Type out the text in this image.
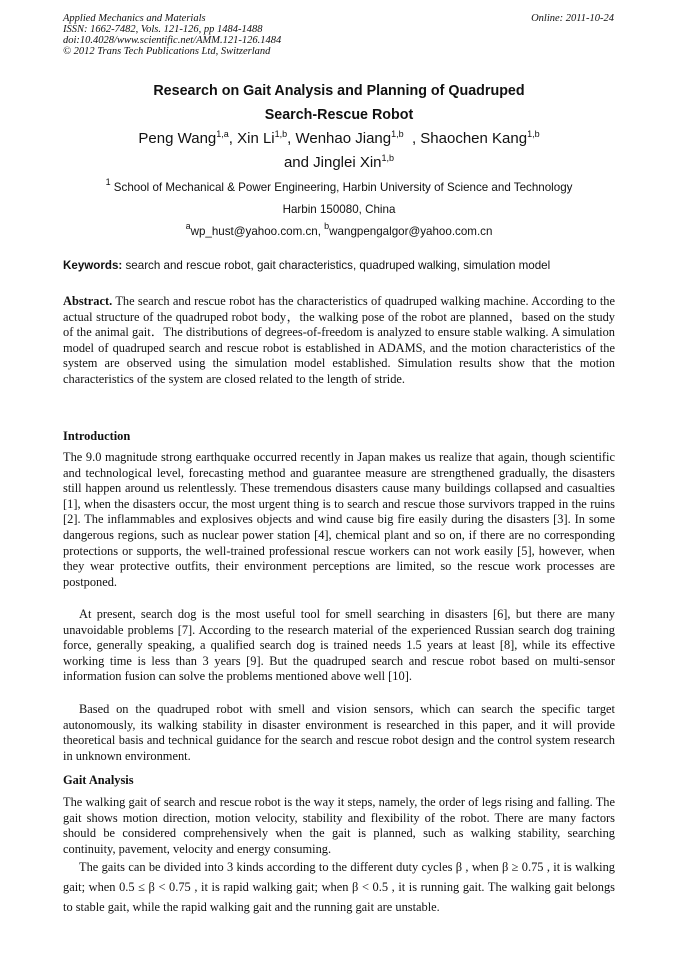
Applied Mechanics and Materials
ISSN: 1662-7482, Vols. 121-126, pp 1484-1488
doi:10.4028/www.scientific.net/AMM.121-126.1484
© 2012 Trans Tech Publications Ltd, Switzerland
Online: 2011-10-24
Research on Gait Analysis and Planning of Quadruped
Search-Rescue Robot
Peng Wang$^{1,a}$, Xin Li$^{1,b}$, Wenhao Jiang$^{1,b}$  , Shaochen Kang$^{1,b}$
and Jinglei Xin$^{1,b}$
$^1$ School of Mechanical & Power Engineering, Harbin University of Science and Technology
Harbin 150080, China
$^a$wp_hust@yahoo.com.cn, $^b$wangpengalgor@yahoo.com.cn
Keywords: search and rescue robot, gait characteristics, quadruped walking, simulation model
Abstract. The search and rescue robot has the characteristics of quadruped walking machine. According to the actual structure of the quadruped robot body，the walking pose of the robot are planned，based on the study of the animal gait．The distributions of degrees-of-freedom is analyzed to ensure stable walking. A simulation model of quadruped search and rescue robot is established in ADAMS, and the motion characteristics of the system are observed using the simulation model established. Simulation results show that the motion characteristics of the system are closed related to the length of stride.
Introduction
The 9.0 magnitude strong earthquake occurred recently in Japan makes us realize that again, though scientific and technological level, forecasting method and guarantee measure are strengthened gradually, the disasters still happen around us relentlessly. These tremendous disasters cause many buildings collapsed and casualties [1], when the disasters occur, the most urgent thing is to search and rescue those survivors trapped in the ruins [2]. The inflammables and explosives objects and wind cause big fire easily during the disasters [3]. In some dangerous regions, such as nuclear power station [4], chemical plant and so on, if there are no corresponding protections or supports, the well-trained professional rescue workers can not work easily [5], however, when they wear protective outfits, their environment perceptions are limited, so the rescue work processes are postponed.
At present, search dog is the most useful tool for smell searching in disasters [6], but there are many unavoidable problems [7]. According to the research material of the experienced Russian search dog training force, generally speaking, a qualified search dog is trained needs 1.5 years at least [8], while its effective working time is less than 3 years [9]. But the quadruped search and rescue robot based on multi-sensor information fusion can solve the problems mentioned above well [10].
Based on the quadruped robot with smell and vision sensors, which can search the specific target autonomously, its walking stability in disaster environment is researched in this paper, and it will provide theoretical basis and technical guidance for the search and rescue robot design and the control system research in unknown environment.
Gait Analysis
The walking gait of search and rescue robot is the way it steps, namely, the order of legs rising and falling. The gait shows motion direction, motion velocity, stability and flexibility of the robot. There are many factors should be considered comprehensively when the gait is planned, such as walking stability, searching continuity, pavement, velocity and energy consuming.
The gaits can be divided into 3 kinds according to the different duty cycles β , when β ≥ 0.75 , it is walking gait; when 0.5 ≤ β < 0.75 , it is rapid walking gait; when β < 0.5 , it is running gait. The walking gait belongs to stable gait, while the rapid walking gait and the running gait are unstable.
